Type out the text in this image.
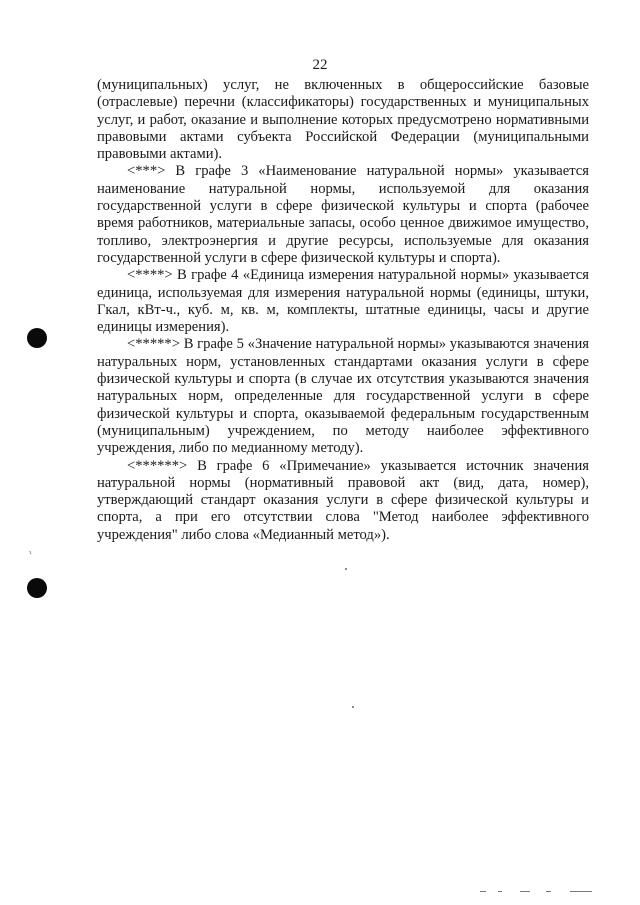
22

(муниципальных) услуг, не включенных в общероссийские базовые (отраслевые) перечни (классификаторы) государственных и муниципальных услуг, и работ, оказание и выполнение которых предусмотрено нормативными правовыми актами субъекта Российской Федерации (муниципальными правовыми актами).

<***> В графе 3 «Наименование натуральной нормы» указывается наименование натуральной нормы, используемой для оказания государственной услуги в сфере физической культуры и спорта (рабочее время работников, материальные запасы, особо ценное движимое имущество, топливо, электроэнергия и другие ресурсы, используемые для оказания государственной услуги в сфере физической культуры и спорта).

<****> В графе 4 «Единица измерения натуральной нормы» указывается единица, используемая для измерения натуральной нормы (единицы, штуки, Гкал, кВт-ч., куб. м, кв. м, комплекты, штатные единицы, часы и другие единицы измерения).

<*****> В графе 5 «Значение натуральной нормы» указываются значения натуральных норм, установленных стандартами оказания услуги в сфере физической культуры и спорта (в случае их отсутствия указываются значения натуральных норм, определенные для государственной услуги в сфере физической культуры и спорта, оказываемой федеральным государственным (муниципальным) учреждением, по методу наиболее эффективного учреждения, либо по медианному методу).

<******> В графе 6 «Примечание» указывается источник значения натуральной нормы (нормативный правовой акт (вид, дата, номер), утверждающий стандарт оказания услуги в сфере физической культуры и спорта, а при его отсутствии слова "Метод наиболее эффективного учреждения" либо слова «Медианный метод»).

ʳ
